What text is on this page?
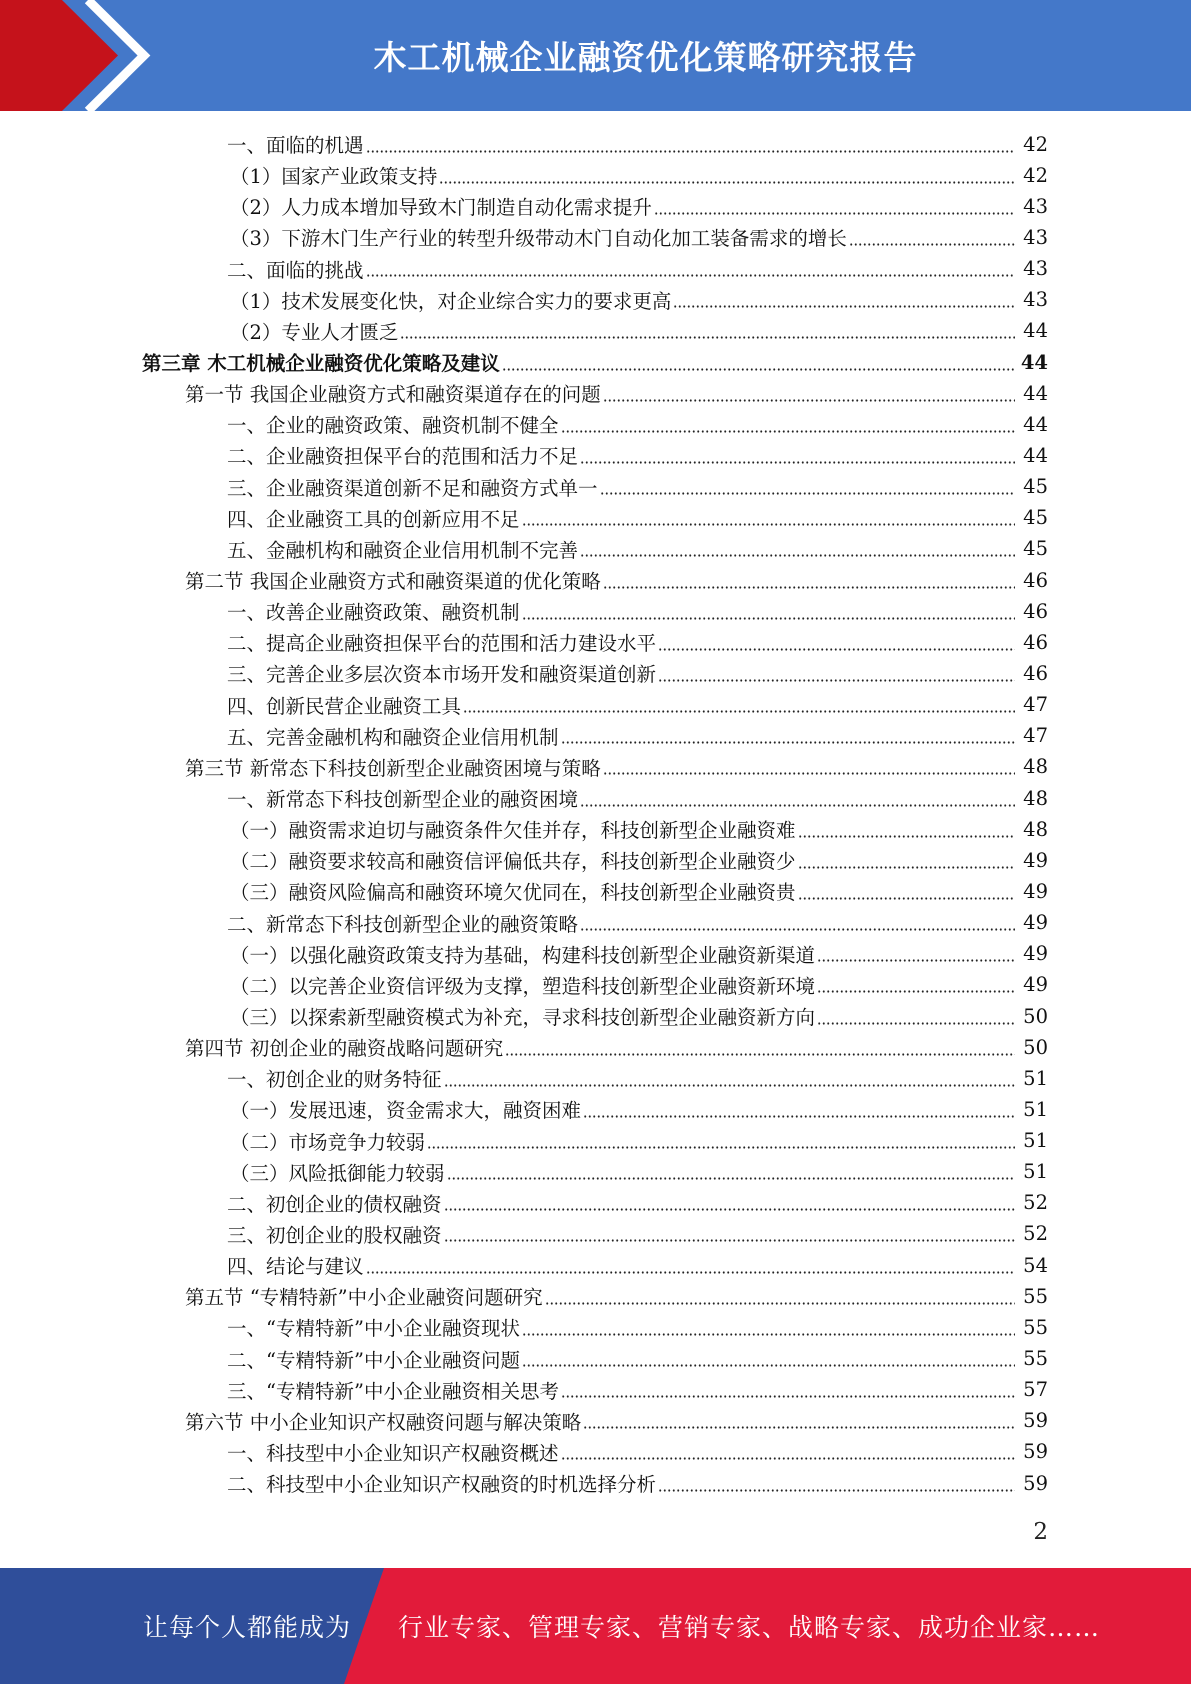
木工机械企业融资优化策略研究报告
一、面临的机遇	42
（1）国家产业政策支持	42
（2）人力成本增加导致木门制造自动化需求提升	43
（3）下游木门生产行业的转型升级带动木门自动化加工装备需求的增长	43
二、面临的挑战	43
（1）技术发展变化快，对企业综合实力的要求更高	43
（2）专业人才匮乏	44
第三章 木工机械企业融资优化策略及建议	44
第一节 我国企业融资方式和融资渠道存在的问题	44
一、企业的融资政策、融资机制不健全	44
二、企业融资担保平台的范围和活力不足	44
三、企业融资渠道创新不足和融资方式单一	45
四、企业融资工具的创新应用不足	45
五、金融机构和融资企业信用机制不完善	45
第二节 我国企业融资方式和融资渠道的优化策略	46
一、改善企业融资政策、融资机制	46
二、提高企业融资担保平台的范围和活力建设水平	46
三、完善企业多层次资本市场开发和融资渠道创新	46
四、创新民营企业融资工具	47
五、完善金融机构和融资企业信用机制	47
第三节 新常态下科技创新型企业融资困境与策略	48
一、新常态下科技创新型企业的融资困境	48
（一）融资需求迫切与融资条件欠佳并存，科技创新型企业融资难	48
（二）融资要求较高和融资信评偏低共存，科技创新型企业融资少	49
（三）融资风险偏高和融资环境欠优同在，科技创新型企业融资贵	49
二、新常态下科技创新型企业的融资策略	49
（一）以强化融资政策支持为基础，构建科技创新型企业融资新渠道	49
（二）以完善企业资信评级为支撑，塑造科技创新型企业融资新环境	49
（三）以探索新型融资模式为补充，寻求科技创新型企业融资新方向	50
第四节 初创企业的融资战略问题研究	50
一、初创企业的财务特征	51
（一）发展迅速，资金需求大，融资困难	51
（二）市场竞争力较弱	51
（三）风险抵御能力较弱	51
二、初创企业的债权融资	52
三、初创企业的股权融资	52
四、结论与建议	54
第五节 “专精特新”中小企业融资问题研究	55
一、“专精特新”中小企业融资现状	55
二、“专精特新”中小企业融资问题	55
三、“专精特新”中小企业融资相关思考	57
第六节 中小企业知识产权融资问题与解决策略	59
一、科技型中小企业知识产权融资概述	59
二、科技型中小企业知识产权融资的时机选择分析	59
2
让每个人都能成为 行业专家、管理专家、营销专家、战略专家、成功企业家……
